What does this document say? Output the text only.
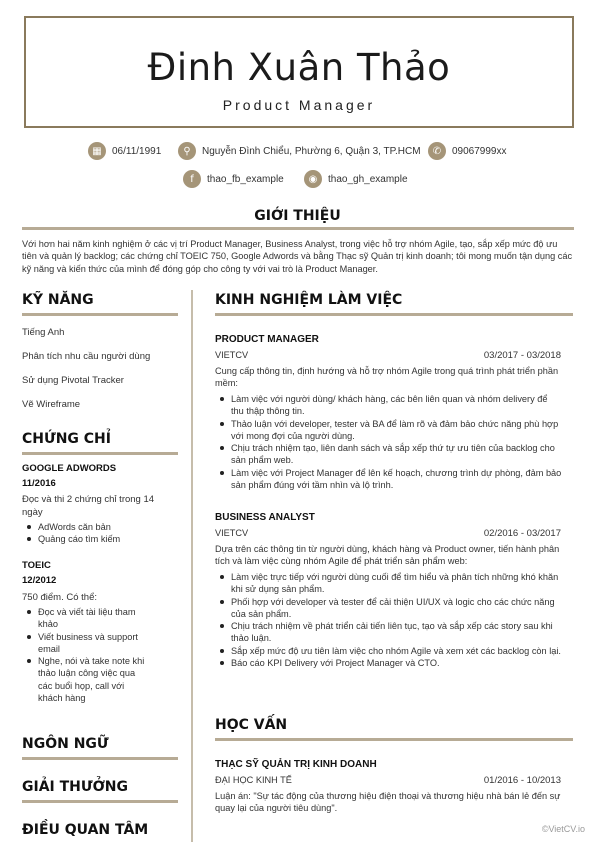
Đinh Xuân Thảo
Product Manager
▦	06/11/1991	⚲	Nguyễn Đình Chiểu, Phường 6, Quận 3, TP.HCM	✆	09067999xx
f	thao_fb_example	◉	thao_gh_example
GIỚI THIỆU
Với hơn hai năm kinh nghiệm ở các vị trí Product Manager, Business Analyst, trong việc hỗ trợ nhóm Agile, tạo, sắp xếp mức độ ưu tiên và quản lý backlog; các chứng chỉ TOEIC 750, Google Adwords và bằng Thạc sỹ Quản trị kinh doanh; tôi mong muốn tận dụng các kỹ năng và kiến thức của mình để đóng góp cho công ty với vai trò là Product Manager.
KỸ NĂNG
Tiếng Anh
Phân tích nhu cầu người dùng
Sử dụng Pivotal Tracker
Vẽ Wireframe
CHỨNG CHỈ
GOOGLE ADWORDS
11/2016
Đọc và thi 2 chứng chỉ trong 14 ngày
AdWords căn bản
Quảng cáo tìm kiếm
TOEIC
12/2012
750 điểm. Có thể:
Đọc và viết tài liệu tham khảo
Viết business và support email
Nghe, nói và take note khi thảo luận công việc qua các buổi họp, call với khách hàng
NGÔN NGỮ
GIẢI THƯỞNG
ĐIỀU QUAN TÂM
KINH NGHIỆM LÀM VIỆC
PRODUCT MANAGER
VIETCV	03/2017 - 03/2018
Cung cấp thông tin, định hướng và hỗ trợ nhóm Agile trong quá trình phát triển phần mềm:
Làm việc với người dùng/ khách hàng, các bên liên quan và nhóm delivery để thu thập thông tin.
Thảo luận với developer, tester và BA để làm rõ và đảm bảo chức năng phù hợp với mong đợi của người dùng.
Chịu trách nhiệm tạo, liên danh sách và sắp xếp thứ tự ưu tiên của backlog cho sản phẩm web.
Làm việc với Project Manager để lên kế hoạch, chương trình dự phòng, đảm bảo sản phẩm đúng với tầm nhìn và lộ trình.
BUSINESS ANALYST
VIETCV	02/2016 - 03/2017
Dựa trên các thông tin từ người dùng, khách hàng và Product owner, tiến hành phân tích và làm việc cùng nhóm Agile để phát triển sản phẩm web:
Làm việc trực tiếp với người dùng cuối để tìm hiểu và phân tích những khó khăn khi sử dụng sản phẩm.
Phối hợp với developer và tester để cải thiện UI/UX và logic cho các chức năng của sản phẩm.
Chịu trách nhiệm về phát triển cải tiến liên tục, tạo và sắp xếp các story sau khi thảo luận.
Sắp xếp mức độ ưu tiên làm việc cho nhóm Agile và xem xét các backlog còn lại.
Báo cáo KPI Delivery với Project Manager và CTO.
HỌC VẤN
THẠC SỸ QUẢN TRỊ KINH DOANH
ĐẠI HỌC KINH TẾ	01/2016 - 10/2013
Luận án: "Sự tác động của thương hiệu điện thoại và thương hiệu nhà bán lẻ đến sự quay lại của người tiêu dùng".
©VietCV.io
